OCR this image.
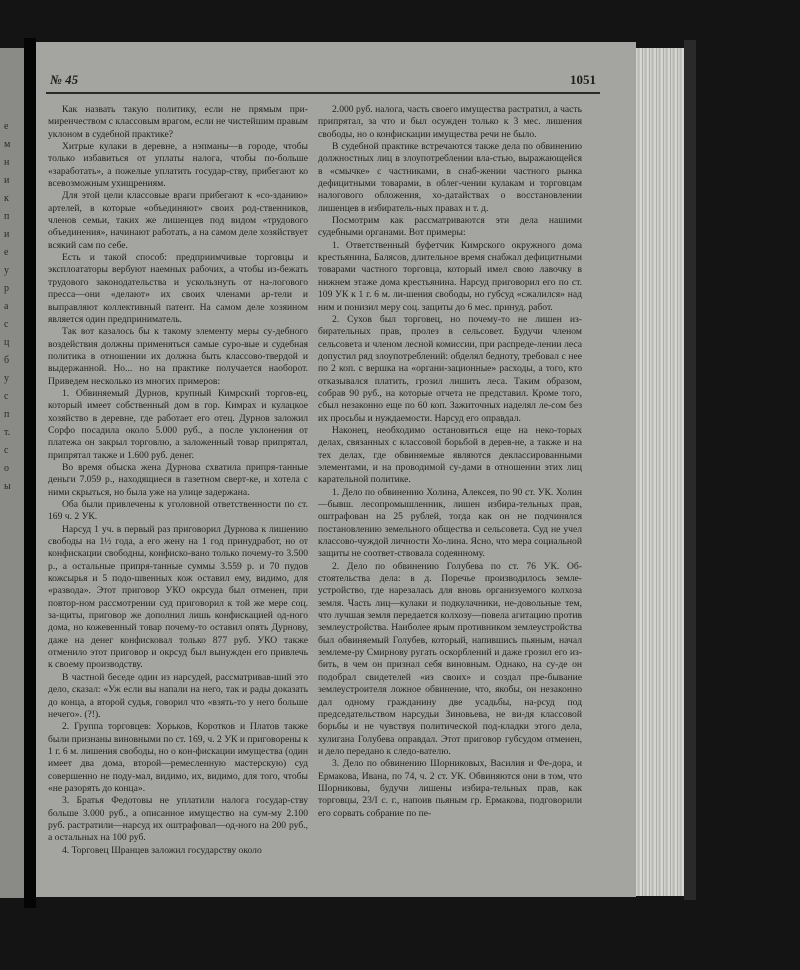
е
м
н
и
к
п
и
е
у
р
а
с
ц
б
у
с
п
т.
с
о
ы
№ 45	1051

Как назвать такую политику, если не прямым при-миренчеством с классовым врагом, если не чистейшим правым уклоном в судебной практике?

Хитрые кулаки в деревне, а нэпманы—в городе, чтобы только избавиться от уплаты налога, чтобы по-больше «заработать», а пожелые уплатить государ-ству, прибегают ко всевозможным ухищрениям.

Для этой цели классовые враги прибегают к «со-зданию» артелей, в которые «объединяют» своих род-ственников, членов семьи, таких же лишенцев под видом «трудового объединения», начинают работать, а на самом деле хозяйствует всякий сам по себе.

Есть и такой способ: предприимчивые торговцы и эксплоататоры вербуют наемных рабочих, а чтобы из-бежать трудового законодательства и ускользнуть от на-логового пресса—они «делают» их своих членами ар-тели и выправляют коллективный патент. На самом деле хозяином является один предприниматель.

Так вот казалось бы к такому элементу меры су-дебного воздействия должны применяться самые суро-вые и судебная политика в отношении их должна быть классово-твердой и выдержанной. Но... но на практике получается наоборот. Приведем несколько из многих примеров:

1. Обвиняемый Дурнов, крупный Кимрский торгов-ец, который имеет собственный дом в гор. Кимрах и кулацкое хозяйство в деревне, где работает его отец. Дурнов заложил Сорфо посадила около 5.000 руб., а после уклонения от платежа он закрыл торговлю, а заложенный товар припрятал, припрятал также и 1.600 руб. денег.

Во время обыска жена Дурнова схватила припря-танные деньги 7.059 р., находящиеся в газетном сверт-ке, и хотела с ними скрыться, но была уже на улице задержана.

Оба были привлечены к уголовной ответственности по ст. 169 ч. 2 УК.

Нарсуд 1 уч. в первый раз приговорил Дурнова к лишению свободы на 1½ года, а его жену на 1 год принудработ, но от конфискации свободны, конфиско-вано только почему-то 3.500 р., а остальные припря-танные суммы 3.559 р. и 70 пудов кожсырья и 5 подо-швенных кож оставил ему, видимо, для «развода». Этот приговор УКО окрсуда был отменен, при повтор-ном рассмотрении суд приговорил к той же мере соц. за-щиты, приговор же дополнил лишь конфискацией од-ного дома, но кожевенный товар почему-то оставил опять Дурнову, даже на денег конфисковал только 877 руб. УКО также отменило этот приговор и окрсуд был вынужден его привлечь к своему производству.

В частной беседе один из нарсудей, рассматривав-ший это дело, сказал: «Уж если вы напали на него, так и рады доказать до конца, а второй судья, говорил что «взять-то у него больше нечего». (?!).

2. Группа торговцев: Хорьков, Коротков и Платов также были признаны виновными по ст. 169, ч. 2 УК и приговорены к 1 г. 6 м. лишения свободы, но о кон-фискации имущества (один имеет два дома, второй—ремесленную мастерскую) суд совершенно не поду-мал, видимо, их, видимо, для того, чтобы «не разорять до конца».

3. Братья Федотовы не уплатили налога государ-ству больше 3.000 руб., а описанное имущество на сум-му 2.100 руб. растратили—нарсуд их оштрафовал—од-ного на 200 руб., а остальных на 100 руб.

4. Торговец Шранцев заложил государству около

2.000 руб. налога, часть своего имущества растратил, а часть припрятал, за что и был осужден только к 3 мес. лишения свободы, но о конфискации имущества речи не было.

В судебной практике встречаются также дела по обвинению должностных лиц в злоупотреблении вла-стью, выражающейся в «смычке» с частниками, в снаб-жении частного рынка дефицитными товарами, в облег-чении кулакам и торговцам налогового обложения, хо-датайствах о восстановлении лишенцев в избиратель-ных правах и т. д.

Посмотрим как рассматриваются эти дела нашими судебными органами. Вот примеры:

1. Ответственный буфетчик Кимрского окружного дома крестьянина, Балясов, длительное время снабжал дефицитными товарами частного торговца, который имел свою лавочку в нижнем этаже дома крестьянина. Нарсуд приговорил его по ст. 109 УК к 1 г. 6 м. ли-шения свободы, но губсуд «сжалился» над ним и понизил меру соц. защиты до 6 мес. принуд. работ.

2. Сухов был торговец, но почему-то не лишен из-бирательных прав, пролез в сельсовет. Будучи членом сельсовета и членом лесной комиссии, при распреде-лении леса допустил ряд злоупотреблений: обделял бедноту, требовал с нее по 2 коп. с вершка на «органи-зационные» расходы, а того, кто отказывался платить, грозил лишить леса. Таким образом, собрав 90 руб., на которые отчета не представил. Кроме того, сбыл незаконно еще по 60 коп. Зажиточных наделял ле-сом без их просьбы и нуждаемости. Нарсуд его оправдал.

Наконец, необходимо остановиться еще на неко-торых делах, связанных с классовой борьбой в дерев-не, а также и на тех делах, где обвиняемые являются деклассированными элементами, и на проводимой су-дами в отношении этих лиц карательной политике.

1. Дело по обвинению Холина, Алексея, по 90 ст. УК. Холин—бывш. лесопромышленник, лишен избира-тельных прав, оштрафован на 25 рублей, тогда как он не подчинялся постановлению земельного общества и сельсовета. Суд не учел классово-чуждой личности Хо-лина. Ясно, что мера социальной защиты не соответ-ствовала содеянному.

2. Дело по обвинению Голубева по ст. 76 УК. Об-стоятельства дела: в д. Поречье производилось земле-устройство, где нарезалась для вновь организуемого колхоза земля. Часть лиц—кулаки и подкулачники, не-довольные тем, что лучшая земля передается колхозу—повела агитацию против землеустройства. Наиболее ярым противником землеустройства был обвиняемый Голубев, который, напившись пьяным, начал землеме-ру Смирнову ругать оскорблений и даже грозил его из-бить, в чем он признал себя виновным. Однако, на су-де он подобрал свидетелей «из своих» и создал пре-бывание землеустроителя ложное обвинение, что, якобы, он незаконно дал одному гражданину две усадьбы, на-рсуд под председательством нарсудьи Зиновьева, не ви-дя классовой борьбы и не чувствуя политической под-кладки этого дела, хулигана Голубева оправдал. Этот приговор губсудом отменен, и дело передано к следо-вателю.

3. Дело по обвинению Шорниковых, Василия и Фе-дора, и Ермакова, Ивана, по 74, ч. 2 ст. УК. Обвиняются они в том, что Шорниковы, будучи лишены избира-тельных прав, как торговцы, 23/I с. г., напоив пьяным гр. Ермакова, подговорили его сорвать собрание по пе-
